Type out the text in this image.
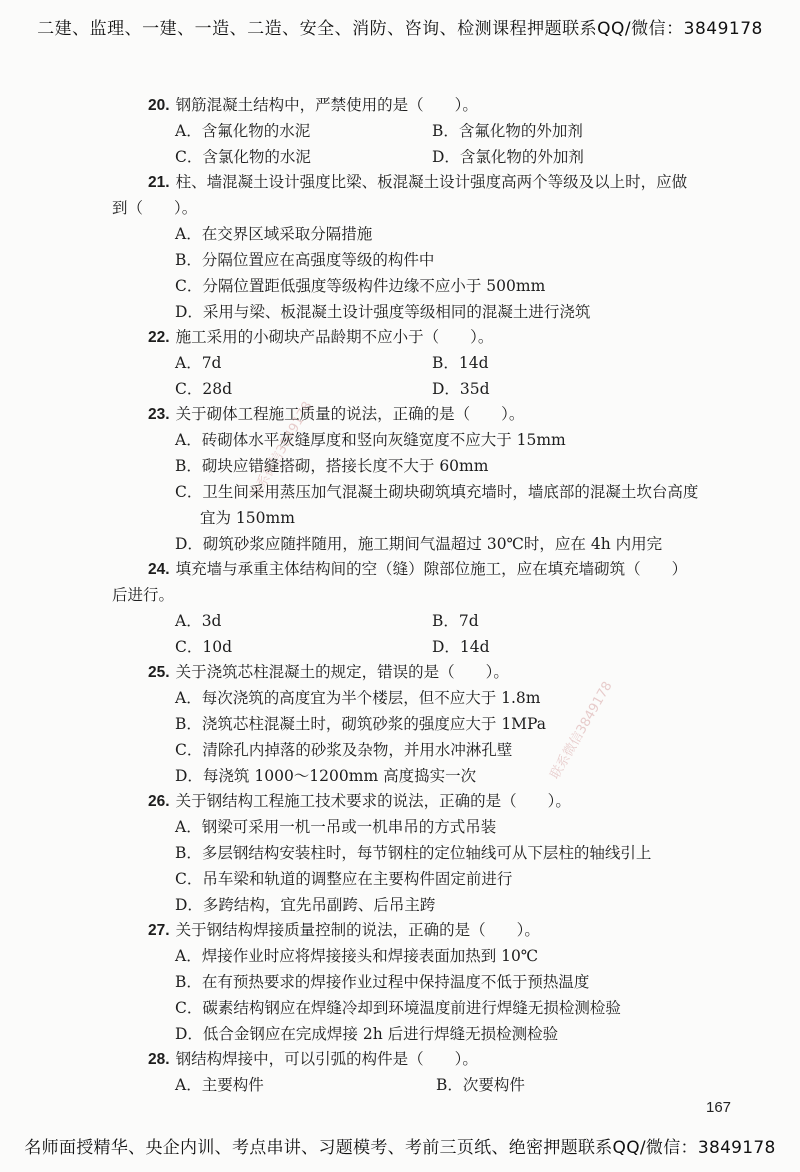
二建、监理、一建、一造、二造、安全、消防、咨询、检测课程押题联系QQ/微信：3849178
联系微信3849178
联系微信3849178
20. 钢筋混凝土结构中，严禁使用的是（　　）。
A．含氟化物的水泥	B．含氟化物的外加剂
C．含氯化物的水泥	D．含氯化物的外加剂
21. 柱、墙混凝土设计强度比梁、板混凝土设计强度高两个等级及以上时，应做
到（　　）。
A．在交界区域采取分隔措施
B．分隔位置应在高强度等级的构件中
C．分隔位置距低强度等级构件边缘不应小于 500mm
D．采用与梁、板混凝土设计强度等级相同的混凝土进行浇筑
22. 施工采用的小砌块产品龄期不应小于（　　）。
A．7d	B．14d
C．28d	D．35d
23. 关于砌体工程施工质量的说法，正确的是（　　）。
A．砖砌体水平灰缝厚度和竖向灰缝宽度不应大于 15mm
B．砌块应错缝搭砌，搭接长度不大于 60mm
C．卫生间采用蒸压加气混凝土砌块砌筑填充墙时，墙底部的混凝土坎台高度
宜为 150mm
D．砌筑砂浆应随拌随用，施工期间气温超过 30℃时，应在 4h 内用完
24. 填充墙与承重主体结构间的空（缝）隙部位施工，应在填充墙砌筑（　　）
后进行。
A．3d	B．7d
C．10d	D．14d
25. 关于浇筑芯柱混凝土的规定，错误的是（　　）。
A．每次浇筑的高度宜为半个楼层，但不应大于 1.8m
B．浇筑芯柱混凝土时，砌筑砂浆的强度应大于 1MPa
C．清除孔内掉落的砂浆及杂物，并用水冲淋孔壁
D．每浇筑 1000～1200mm 高度捣实一次
26. 关于钢结构工程施工技术要求的说法，正确的是（　　）。
A．钢梁可采用一机一吊或一机串吊的方式吊装
B．多层钢结构安装柱时，每节钢柱的定位轴线可从下层柱的轴线引上
C．吊车梁和轨道的调整应在主要构件固定前进行
D．多跨结构，宜先吊副跨、后吊主跨
27. 关于钢结构焊接质量控制的说法，正确的是（　　）。
A．焊接作业时应将焊接接头和焊接表面加热到 10℃
B．在有预热要求的焊接作业过程中保持温度不低于预热温度
C．碳素结构钢应在焊缝冷却到环境温度前进行焊缝无损检测检验
D．低合金钢应在完成焊接 2h 后进行焊缝无损检测检验
28. 钢结构焊接中，可以引弧的构件是（　　）。
A．主要构件	B．次要构件
167
名师面授精华、央企内训、考点串讲、习题模考、考前三页纸、绝密押题联系QQ/微信：3849178
